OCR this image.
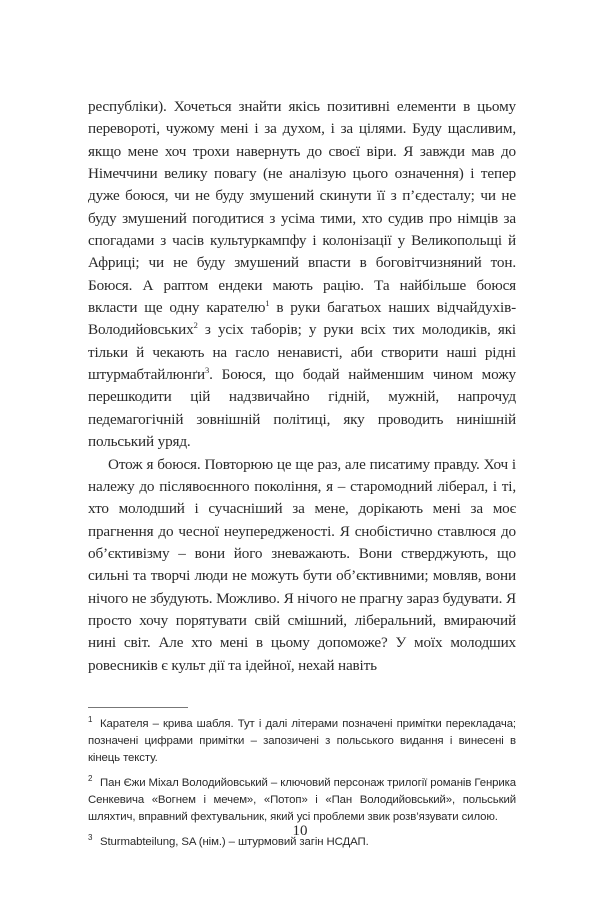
республіки). Хочеться знайти якісь позитивні елементи в цьому перевороті, чужому мені і за духом, і за цілями. Буду щасливим, якщо мене хоч трохи навернуть до своєї віри. Я завжди мав до Німеччини велику повагу (не аналізую цього означення) і тепер дуже боюся, чи не буду змушений скинути її з п’єдесталу; чи не буду змушений погодитися з усіма тими, хто судив про німців за спогадами з часів культуркампфу і колонізації у Великопольщі й Африці; чи не буду змушений впасти в боговітчизняний тон. Боюся. А раптом ендеки мають рацію. Та найбільше боюся вкласти ще одну карателю$^1$ в руки багатьох наших відчайдухів-Володийовських$^2$ з усіх таборів; у руки всіх тих молодиків, які тільки й чекають на гасло ненависті, аби створити наші рідні штурмабтайлюнґи$^3$. Боюся, що бодай найменшим чином можу перешкодити цій надзвичайно гідній, мужній, напрочуд педемагогічній зовнішній політиці, яку проводить нинішній польський уряд.

Отож я боюся. Повторюю це ще раз, але писатиму правду. Хоч і належу до післявоєнного покоління, я – старомодний ліберал, і ті, хто молодший і сучасніший за мене, дорікають мені за моє прагнення до чесної неупередженості. Я снобістично ставлюся до об’єктивізму – вони його зневажають. Вони стверджують, що сильні та творчі люди не можуть бути об’єктивними; мовляв, вони нічого не збудують. Можливо. Я нічого не прагну зараз будувати. Я просто хочу порятувати свій смішний, ліберальний, вмираючий нині світ. Але хто мені в цьому допоможе? У моїх молодших ровесників є культ дії та ідейної, нехай навіть

$^1$ Карателя – крива шабля. Тут і далі літерами позначені примітки перекладача; позначені цифрами примітки – запозичені з польського видання і винесені в кінець тексту.

$^2$ Пан Єжи Міхал Володийовський – ключовий персонаж трилогії романів Генрика Сенкевича «Вогнем і мечем», «Потоп» і «Пан Володийовський», польський шляхтич, вправний фехтувальник, який усі проблеми звик розв’язувати силою.

$^3$ Sturmabteilung, SA (нім.) – штурмовий загін НСДАП.

10
